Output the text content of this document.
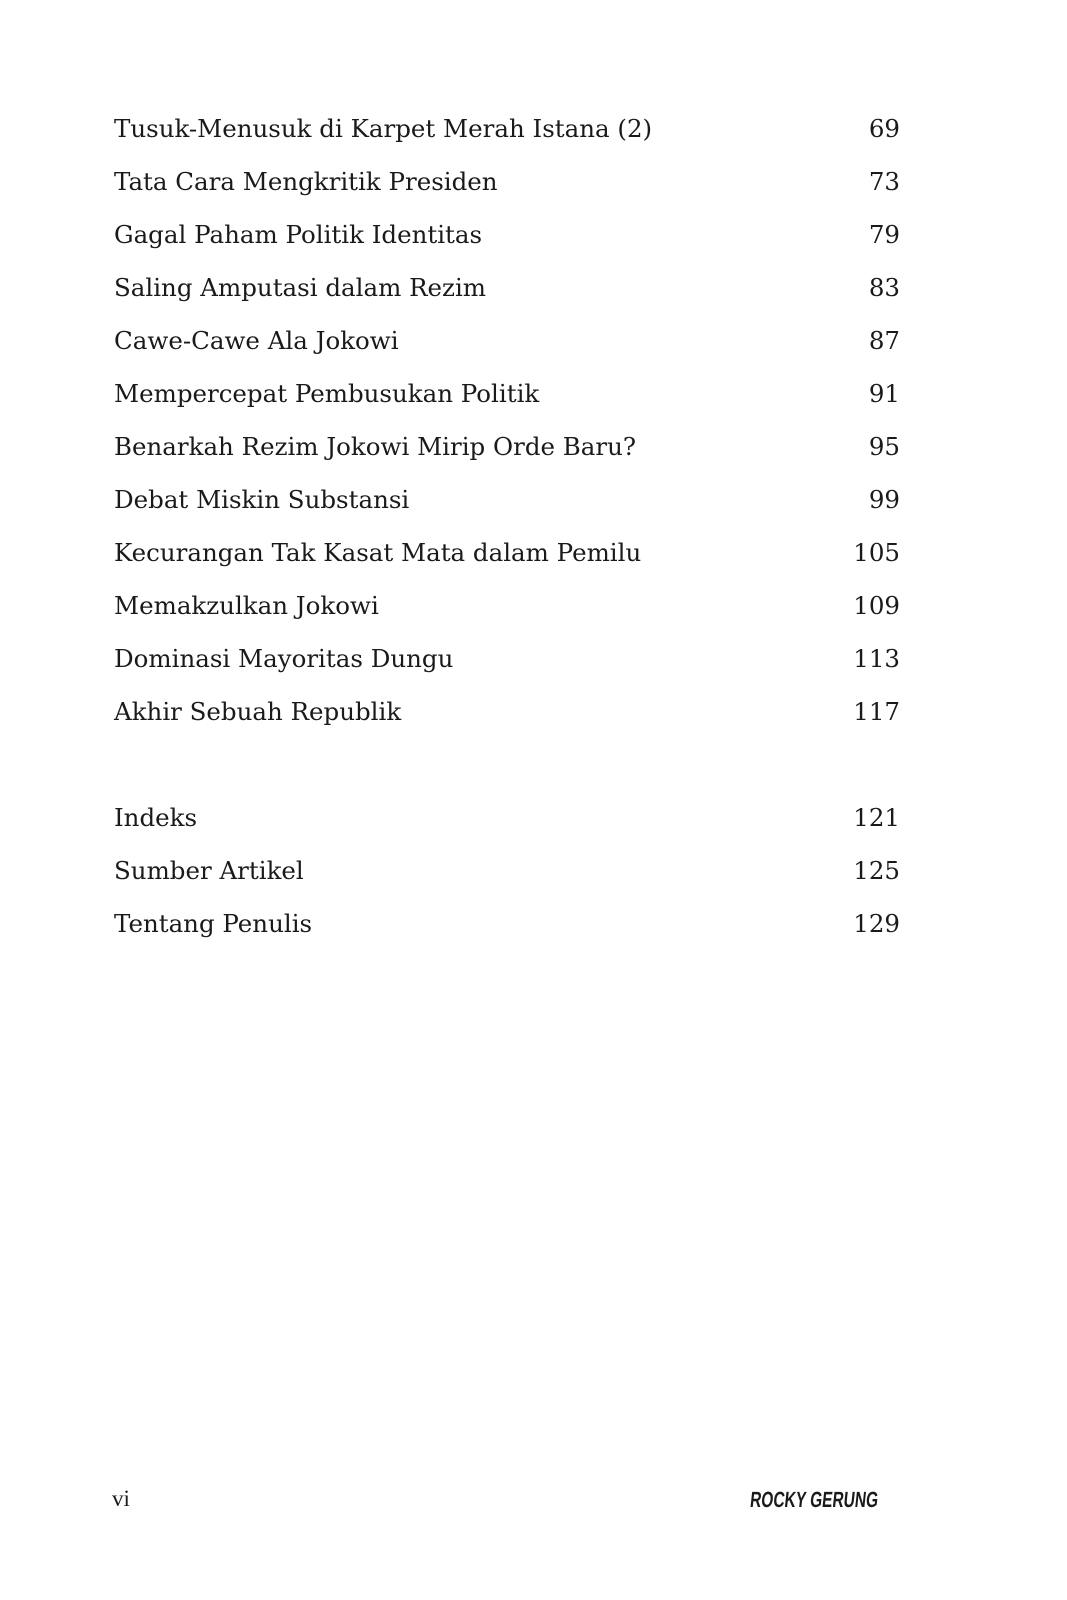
Tusuk-Menusuk di Karpet Merah Istana (2)	69
Tata Cara Mengkritik Presiden	73
Gagal Paham Politik Identitas	79
Saling Amputasi dalam Rezim	83
Cawe-Cawe Ala Jokowi	87
Mempercepat Pembusukan Politik	91
Benarkah Rezim Jokowi Mirip Orde Baru?	95
Debat Miskin Substansi	99
Kecurangan Tak Kasat Mata dalam Pemilu	105
Memakzulkan Jokowi	109
Dominasi Mayoritas Dungu	113
Akhir Sebuah Republik	117
Indeks	121
Sumber Artikel	125
Tentang Penulis	129
vi	ROCKY GERUNG
